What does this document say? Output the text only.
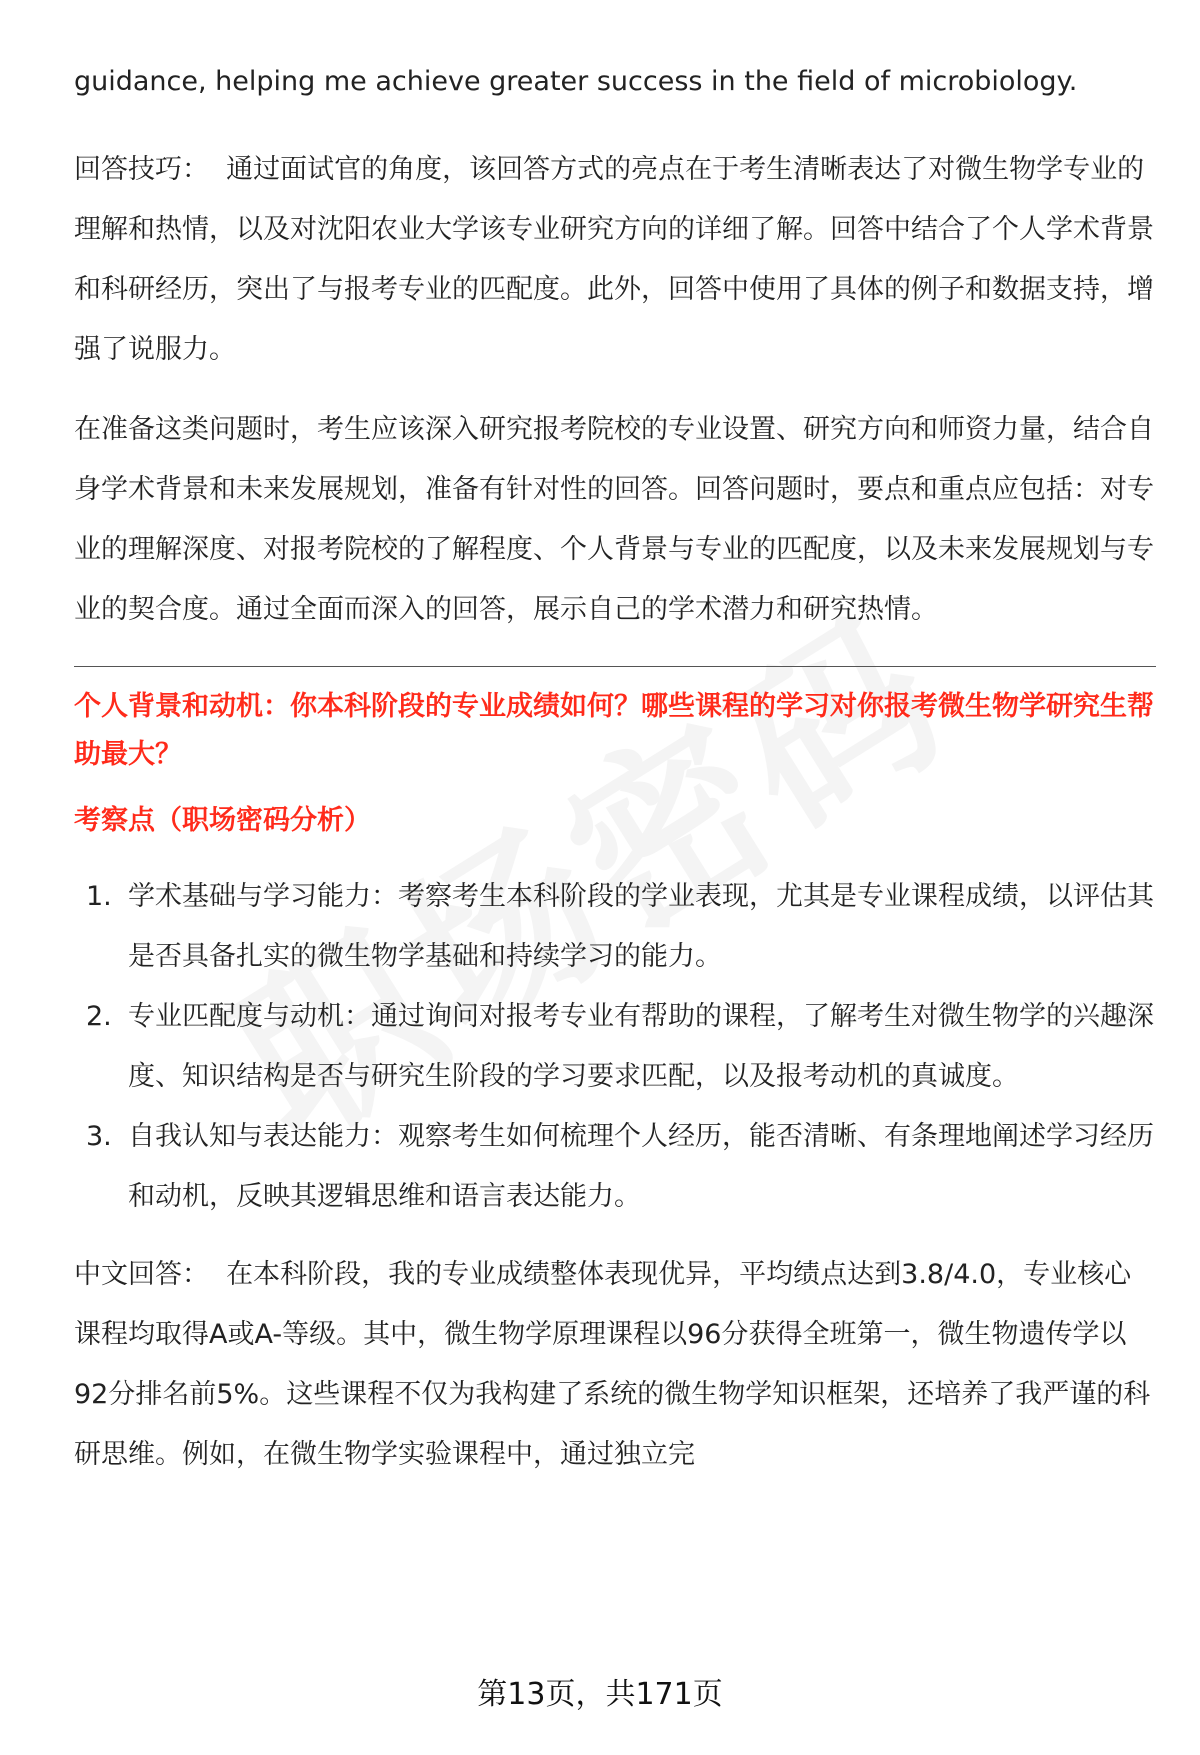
guidance, helping me achieve greater success in the field of microbiology.

回答技巧： 通过面试官的角度，该回答方式的亮点在于考生清晰表达了对微生物学专业的理解和热情，以及对沈阳农业大学该专业研究方向的详细了解。回答中结合了个人学术背景和科研经历，突出了与报考专业的匹配度。此外，回答中使用了具体的例子和数据支持，增强了说服力。

在准备这类问题时，考生应该深入研究报考院校的专业设置、研究方向和师资力量，结合自身学术背景和未来发展规划，准备有针对性的回答。回答问题时，要点和重点应包括：对专业的理解深度、对报考院校的了解程度、个人背景与专业的匹配度，以及未来发展规划与专业的契合度。通过全面而深入的回答，展示自己的学术潜力和研究热情。

个人背景和动机：你本科阶段的专业成绩如何？哪些课程的学习对你报考微生物学研究生帮助最大？

考察点（职场密码分析）

1. 学术基础与学习能力：考察考生本科阶段的学业表现，尤其是专业课程成绩，以评估其是否具备扎实的微生物学基础和持续学习的能力。
2. 专业匹配度与动机：通过询问对报考专业有帮助的课程，了解考生对微生物学的兴趣深度、知识结构是否与研究生阶段的学习要求匹配，以及报考动机的真诚度。
3. 自我认知与表达能力：观察考生如何梳理个人经历，能否清晰、有条理地阐述学习经历和动机，反映其逻辑思维和语言表达能力。

中文回答： 在本科阶段，我的专业成绩整体表现优异，平均绩点达到3.8/4.0，专业核心课程均取得A或A-等级。其中，微生物学原理课程以96分获得全班第一，微生物遗传学以92分排名前5%。这些课程不仅为我构建了系统的微生物学知识框架，还培养了我严谨的科研思维。例如，在微生物学实验课程中，通过独立完

第13页，共171页
